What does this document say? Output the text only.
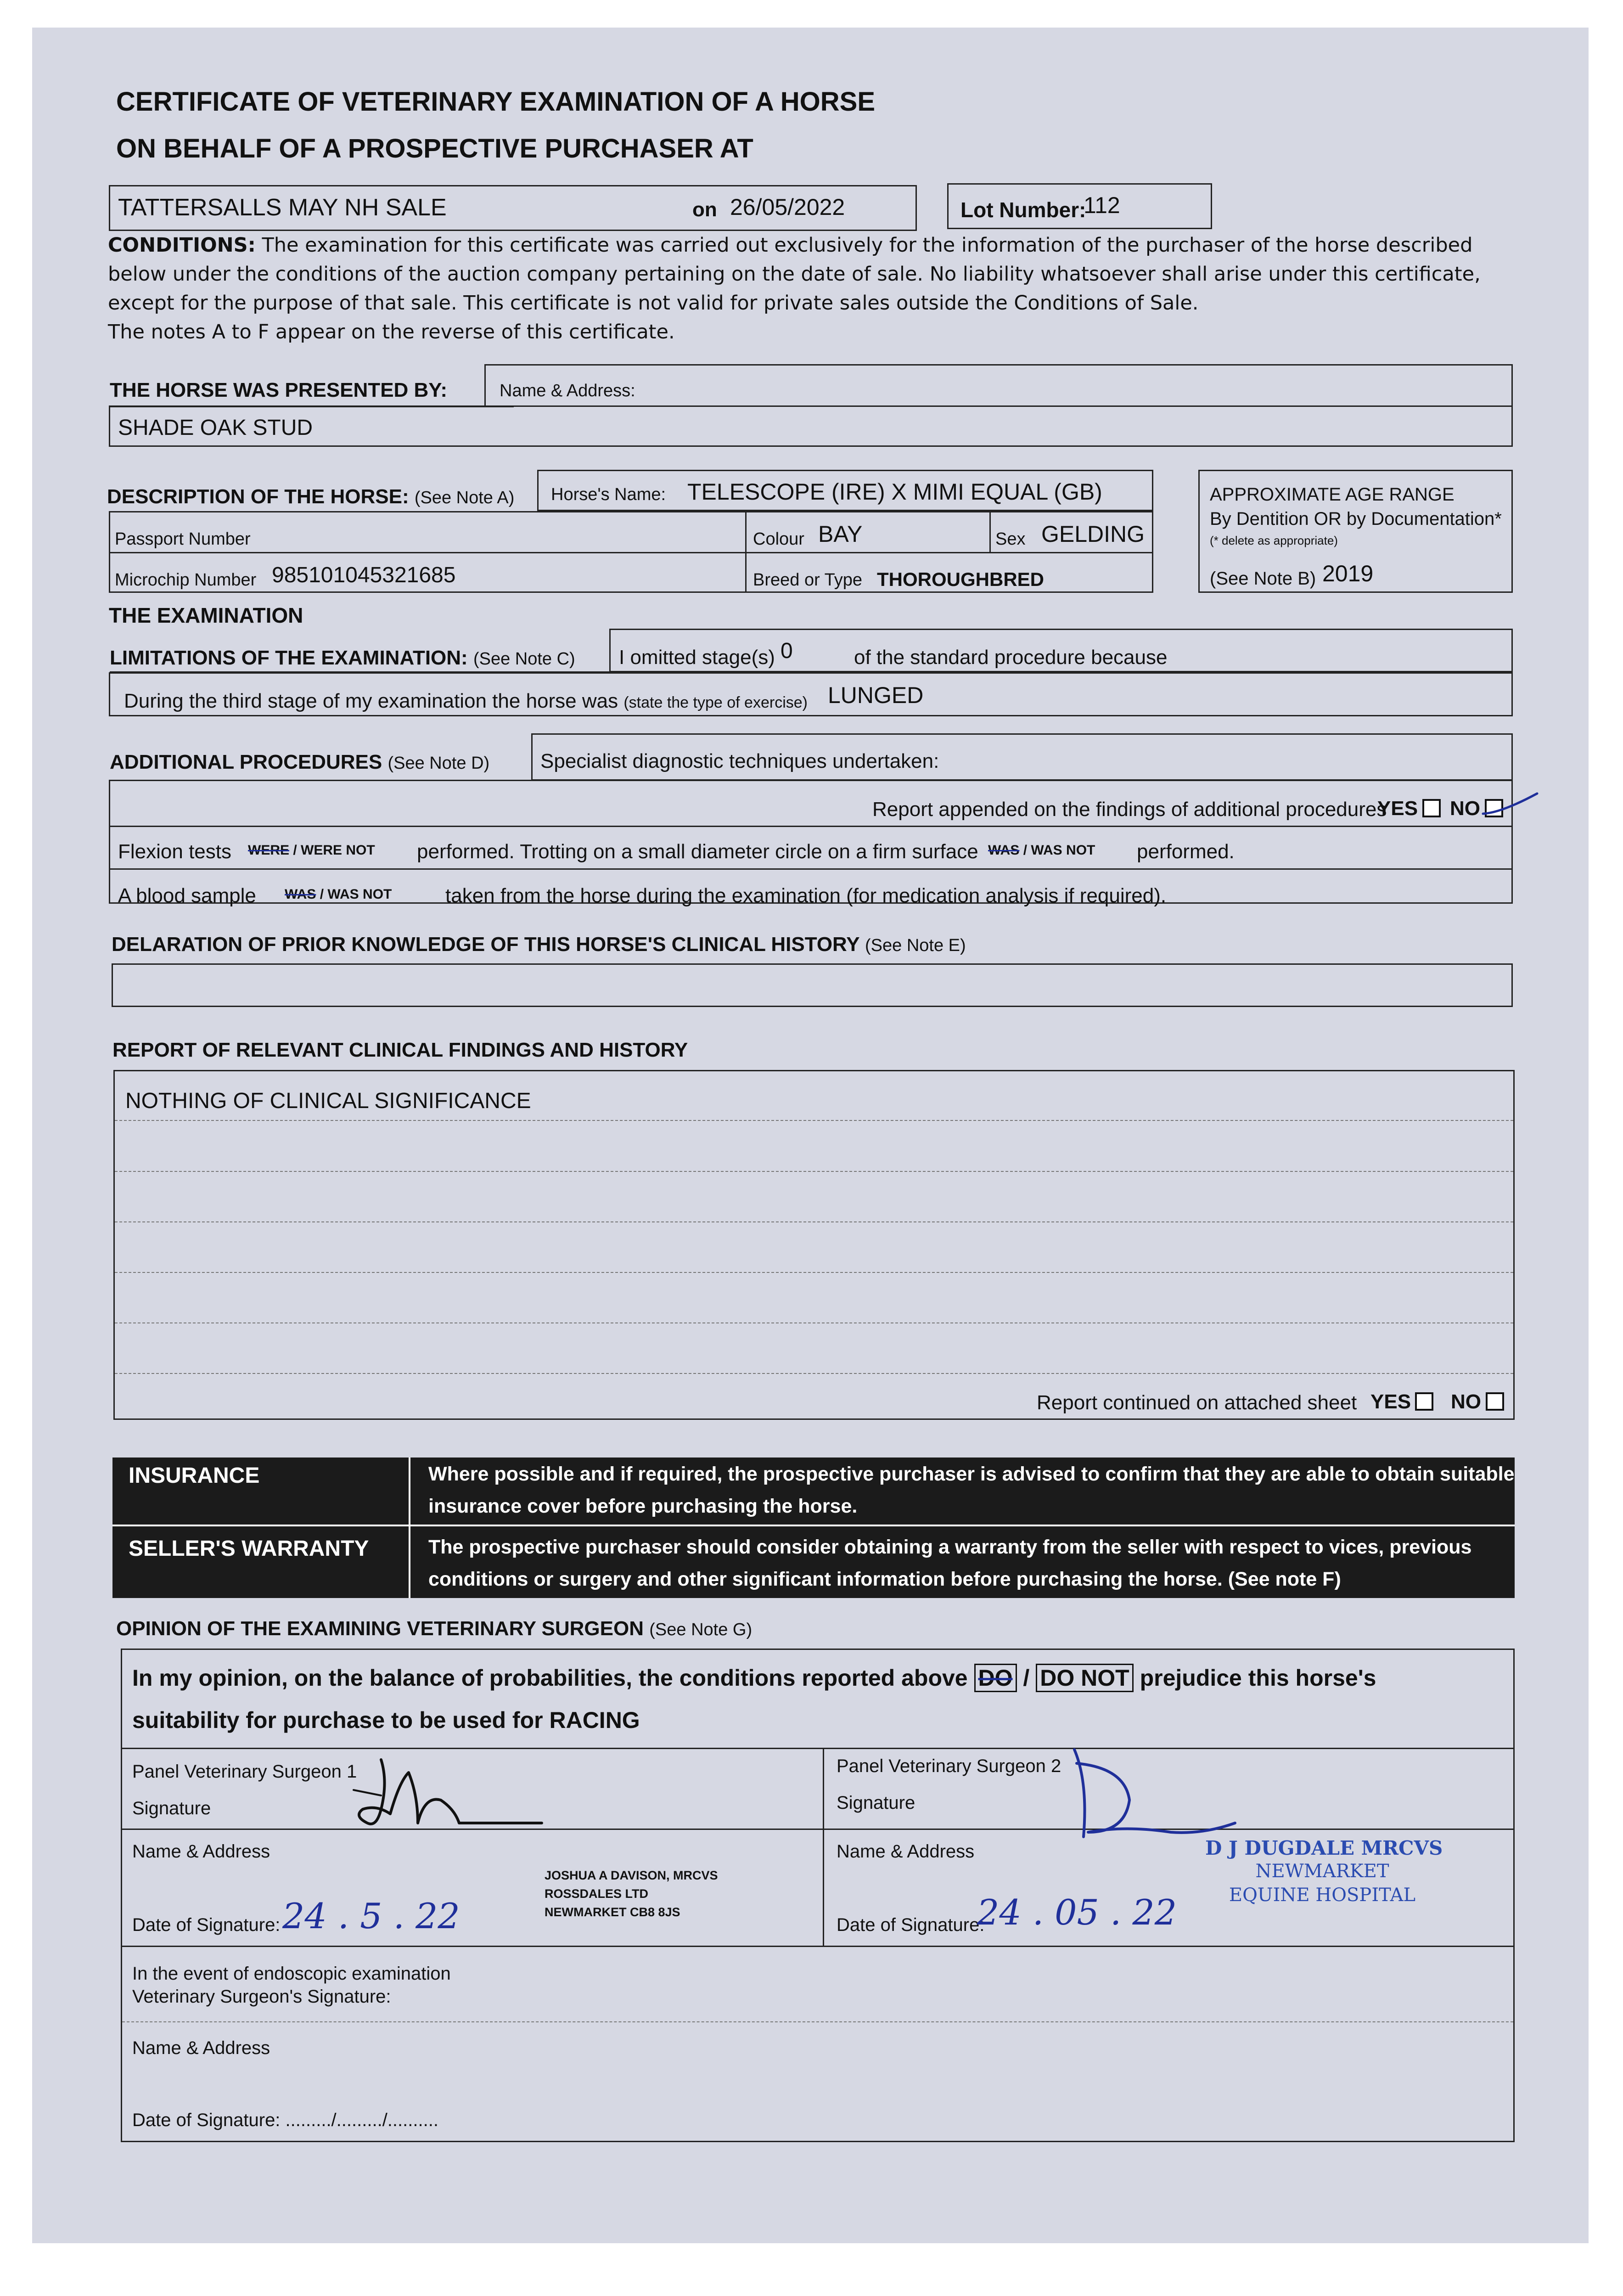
CERTIFICATE OF VETERINARY EXAMINATION OF A HORSE
ON BEHALF OF A PROSPECTIVE PURCHASER AT
TATTERSALLS MAY NH SALE	on 26/05/2022	Lot Number:
112
CONDITIONS: The examination for this certificate was carried out exclusively for the information of the purchaser of the horse described
below under the conditions of the auction company pertaining on the date of sale. No liability whatsoever shall arise under this certificate,
except for the purpose of that sale. This certificate is not valid for private sales outside the Conditions of Sale.
The notes A to F appear on the reverse of this certificate.
THE HORSE WAS PRESENTED BY:	Name & Address:
SHADE OAK STUD
DESCRIPTION OF THE HORSE: (See Note A) Horse's Name: TELESCOPE (IRE) X MIMI EQUAL (GB)
Passport Number	Colour BAY	Sex GELDING
Microchip Number 985101045321685	Breed or Type THOROUGHBRED
APPROXIMATE AGE RANGE
By Dentition OR by Documentation*
(* delete as appropriate)
(See Note B) 2019
THE EXAMINATION
LIMITATIONS OF THE EXAMINATION: (See Note C) I omitted stage(s) 0	of the standard procedure because
During the third stage of my examination the horse was (state the type of exercise) LUNGED
ADDITIONAL PROCEDURES (See Note D)	Specialist diagnostic techniques undertaken:
Report appended on the findings of additional procedures
YES NO
Flexion tests WERE / WERE NOT performed. Trotting on a small diameter circle on a firm surface WAS / WAS NOT performed.
A blood sample WAS / WAS NOT	taken from the horse during the examination (for medication analysis if required).
DELARATION OF PRIOR KNOWLEDGE OF THIS HORSE'S CLINICAL HISTORY (See Note E)
REPORT OF RELEVANT CLINICAL FINDINGS AND HISTORY
NOTHING OF CLINICAL SIGNIFICANCE
Report continued on attached sheet YES NO
INSURANCE	Where possible and if required, the prospective purchaser is advised to confirm that they are able to obtain suitable
insurance cover before purchasing the horse.
SELLER'S WARRANTY	The prospective purchaser should consider obtaining a warranty from the seller with respect to vices, previous
conditions or surgery and other significant information before purchasing the horse. (See note F)
OPINION OF THE EXAMINING VETERINARY SURGEON (See Note G)
In my opinion, on the balance of probabilities, the conditions reported above DO / DO NOT prejudice this horse's
suitability for purchase to be used for RACING
Panel Veterinary Surgeon 1
Signature
Panel Veterinary Surgeon 2
Signature
Name & Address
Date of Signature: 24 . 5 . 22
JOSHUA A DAVISON, MRCVS
ROSSDALES LTD
NEWMARKET CB8 8JS
Name & Address
Date of Signature:
24 . 05 . 22
D J DUGDALE MRCVS
NEWMARKET
EQUINE HOSPITAL
In the event of endoscopic examination
Veterinary Surgeon's Signature:
Name & Address
Date of Signature: ........./........./..........
